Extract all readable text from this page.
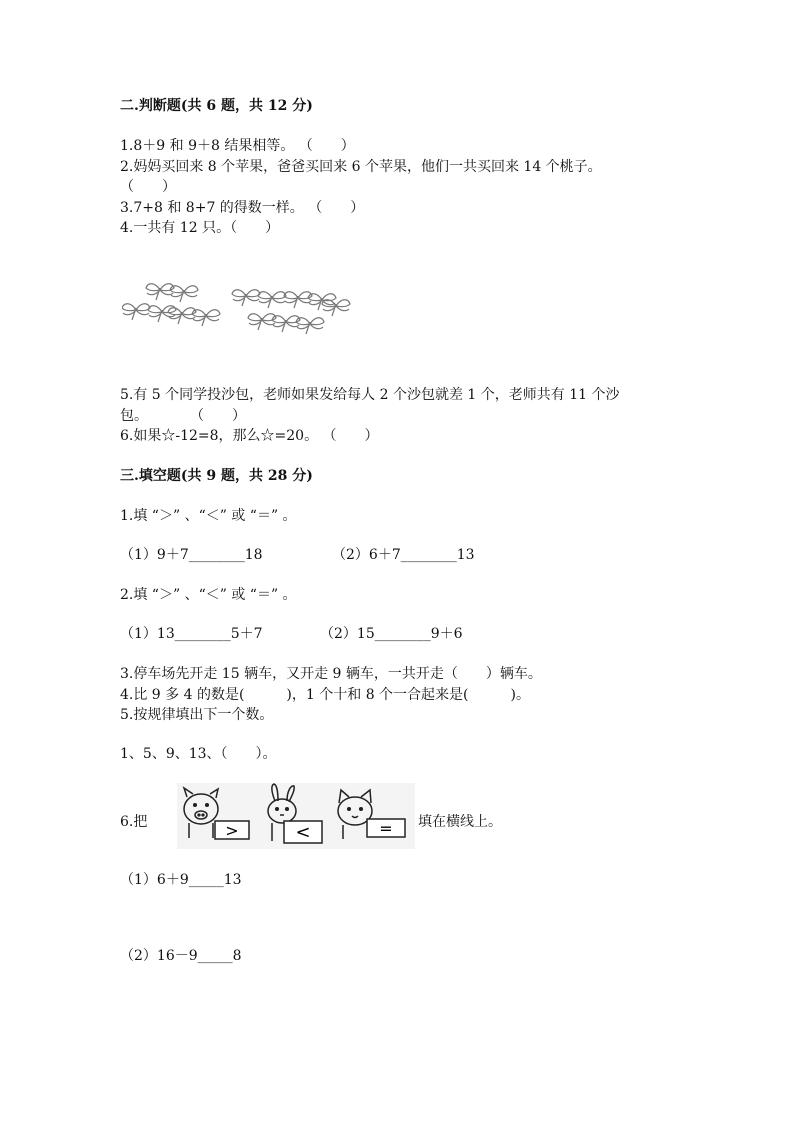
二.判断题(共 6 题，共 12 分)
1.8＋9 和 9＋8 结果相等。 （　　）
2.妈妈买回来 8 个苹果，爸爸买回来 6 个苹果，他们一共买回来 14 个桃子。
（　　）
3.7+8 和 8+7 的得数一样。 （　　）
4.一共有 12 只。（　　）
5.有 5 个同学投沙包，老师如果发给每人 2 个沙包就差 1 个，老师共有 11 个沙
包。　　　　（　　）
6.如果☆-12=8，那么☆=20。 （　　）
三.填空题(共 9 题，共 28 分)
1.填 “＞” 、“＜” 或 “＝” 。
（1）9＋7________18	（2）6＋7________13
2.填 “＞” 、“＜” 或 “＝” 。
（1）13________5＋7	（2）15________9＋6
3.停车场先开走 15 辆车，又开走 9 辆车，一共开走（　　）辆车。
4.比 9 多 4 的数是(　　　)，1 个十和 8 个一合起来是(　　　)。
5.按规律填出下一个数。
1、5、9、13、（　　）。
6.把	>	<	= 填在横线上。
（1）6＋9_____13
（2）16－9_____8
